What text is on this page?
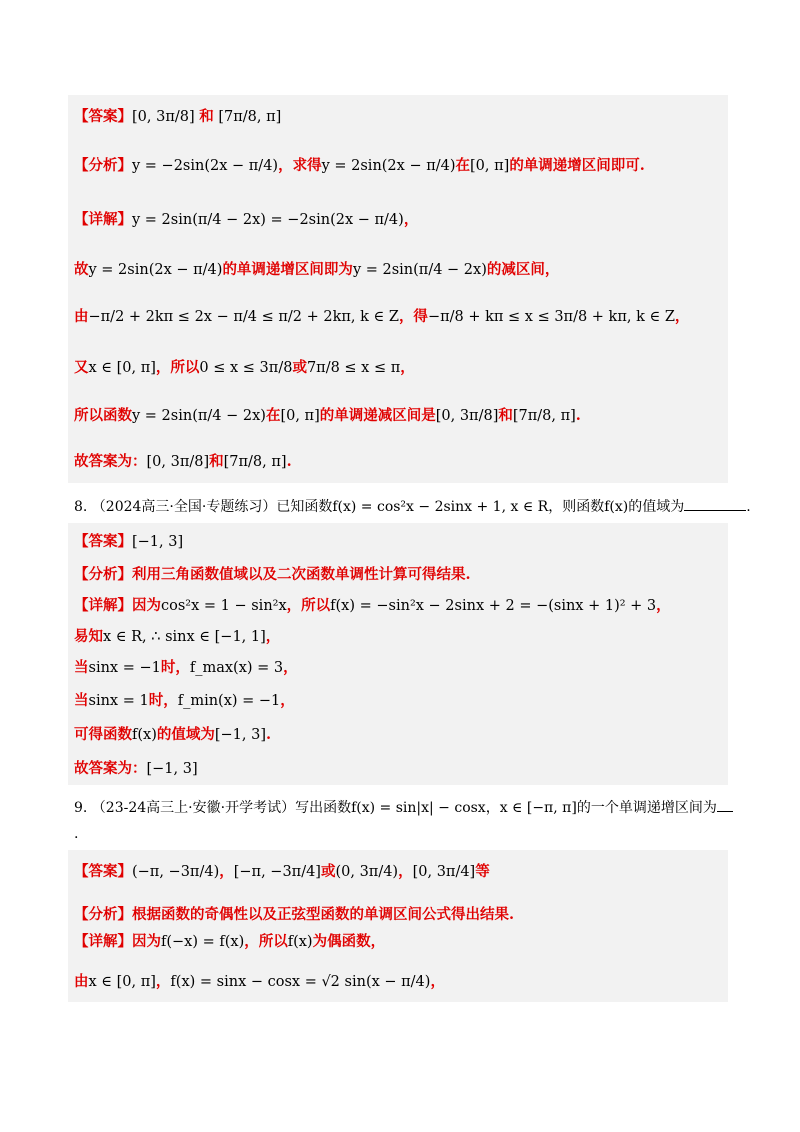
【答案】[0, 3π/8] 和 [7π/8, π]
【分析】y = −2sin(2x − π/4)，求得y = 2sin(2x − π/4)在[0, π]的单调递增区间即可.
【详解】y = 2sin(π/4 − 2x) = −2sin(2x − π/4)，
故y = 2sin(2x − π/4)的单调递增区间即为y = 2sin(π/4 − 2x)的减区间，
由−π/2 + 2kπ ≤ 2x − π/4 ≤ π/2 + 2kπ, k ∈ Z，得−π/8 + kπ ≤ x ≤ 3π/8 + kπ, k ∈ Z，
又x ∈ [0, π]，所以0 ≤ x ≤ 3π/8或7π/8 ≤ x ≤ π，
所以函数y = 2sin(π/4 − 2x)在[0, π]的单调递减区间是[0, 3π/8]和[7π/8, π].
故答案为：[0, 3π/8]和[7π/8, π].
8. （2024高三·全国·专题练习）已知函数f(x) = cos²x − 2sinx + 1, x ∈ R，则函数f(x)的值域为	.
【答案】[−1, 3]
【分析】利用三角函数值域以及二次函数单调性计算可得结果.
【详解】因为cos²x = 1 − sin²x，所以f(x) = −sin²x − 2sinx + 2 = −(sinx + 1)² + 3，
易知x ∈ R, ∴ sinx ∈ [−1, 1]，
当sinx = −1时，f_max(x) = 3，
当sinx = 1时，f_min(x) = −1，
可得函数f(x)的值域为[−1, 3].
故答案为：[−1, 3]
9. （23-24高三上·安徽·开学考试）写出函数f(x) = sin|x| − cosx，x ∈ [−π, π]的一个单调递增区间为
.
【答案】(−π, −3π/4)，[−π, −3π/4]或(0, 3π/4)，[0, 3π/4]等
【分析】根据函数的奇偶性以及正弦型函数的单调区间公式得出结果.
【详解】因为f(−x) = f(x)，所以f(x)为偶函数，
由x ∈ [0, π]，f(x) = sinx − cosx = √2 sin(x − π/4)，
